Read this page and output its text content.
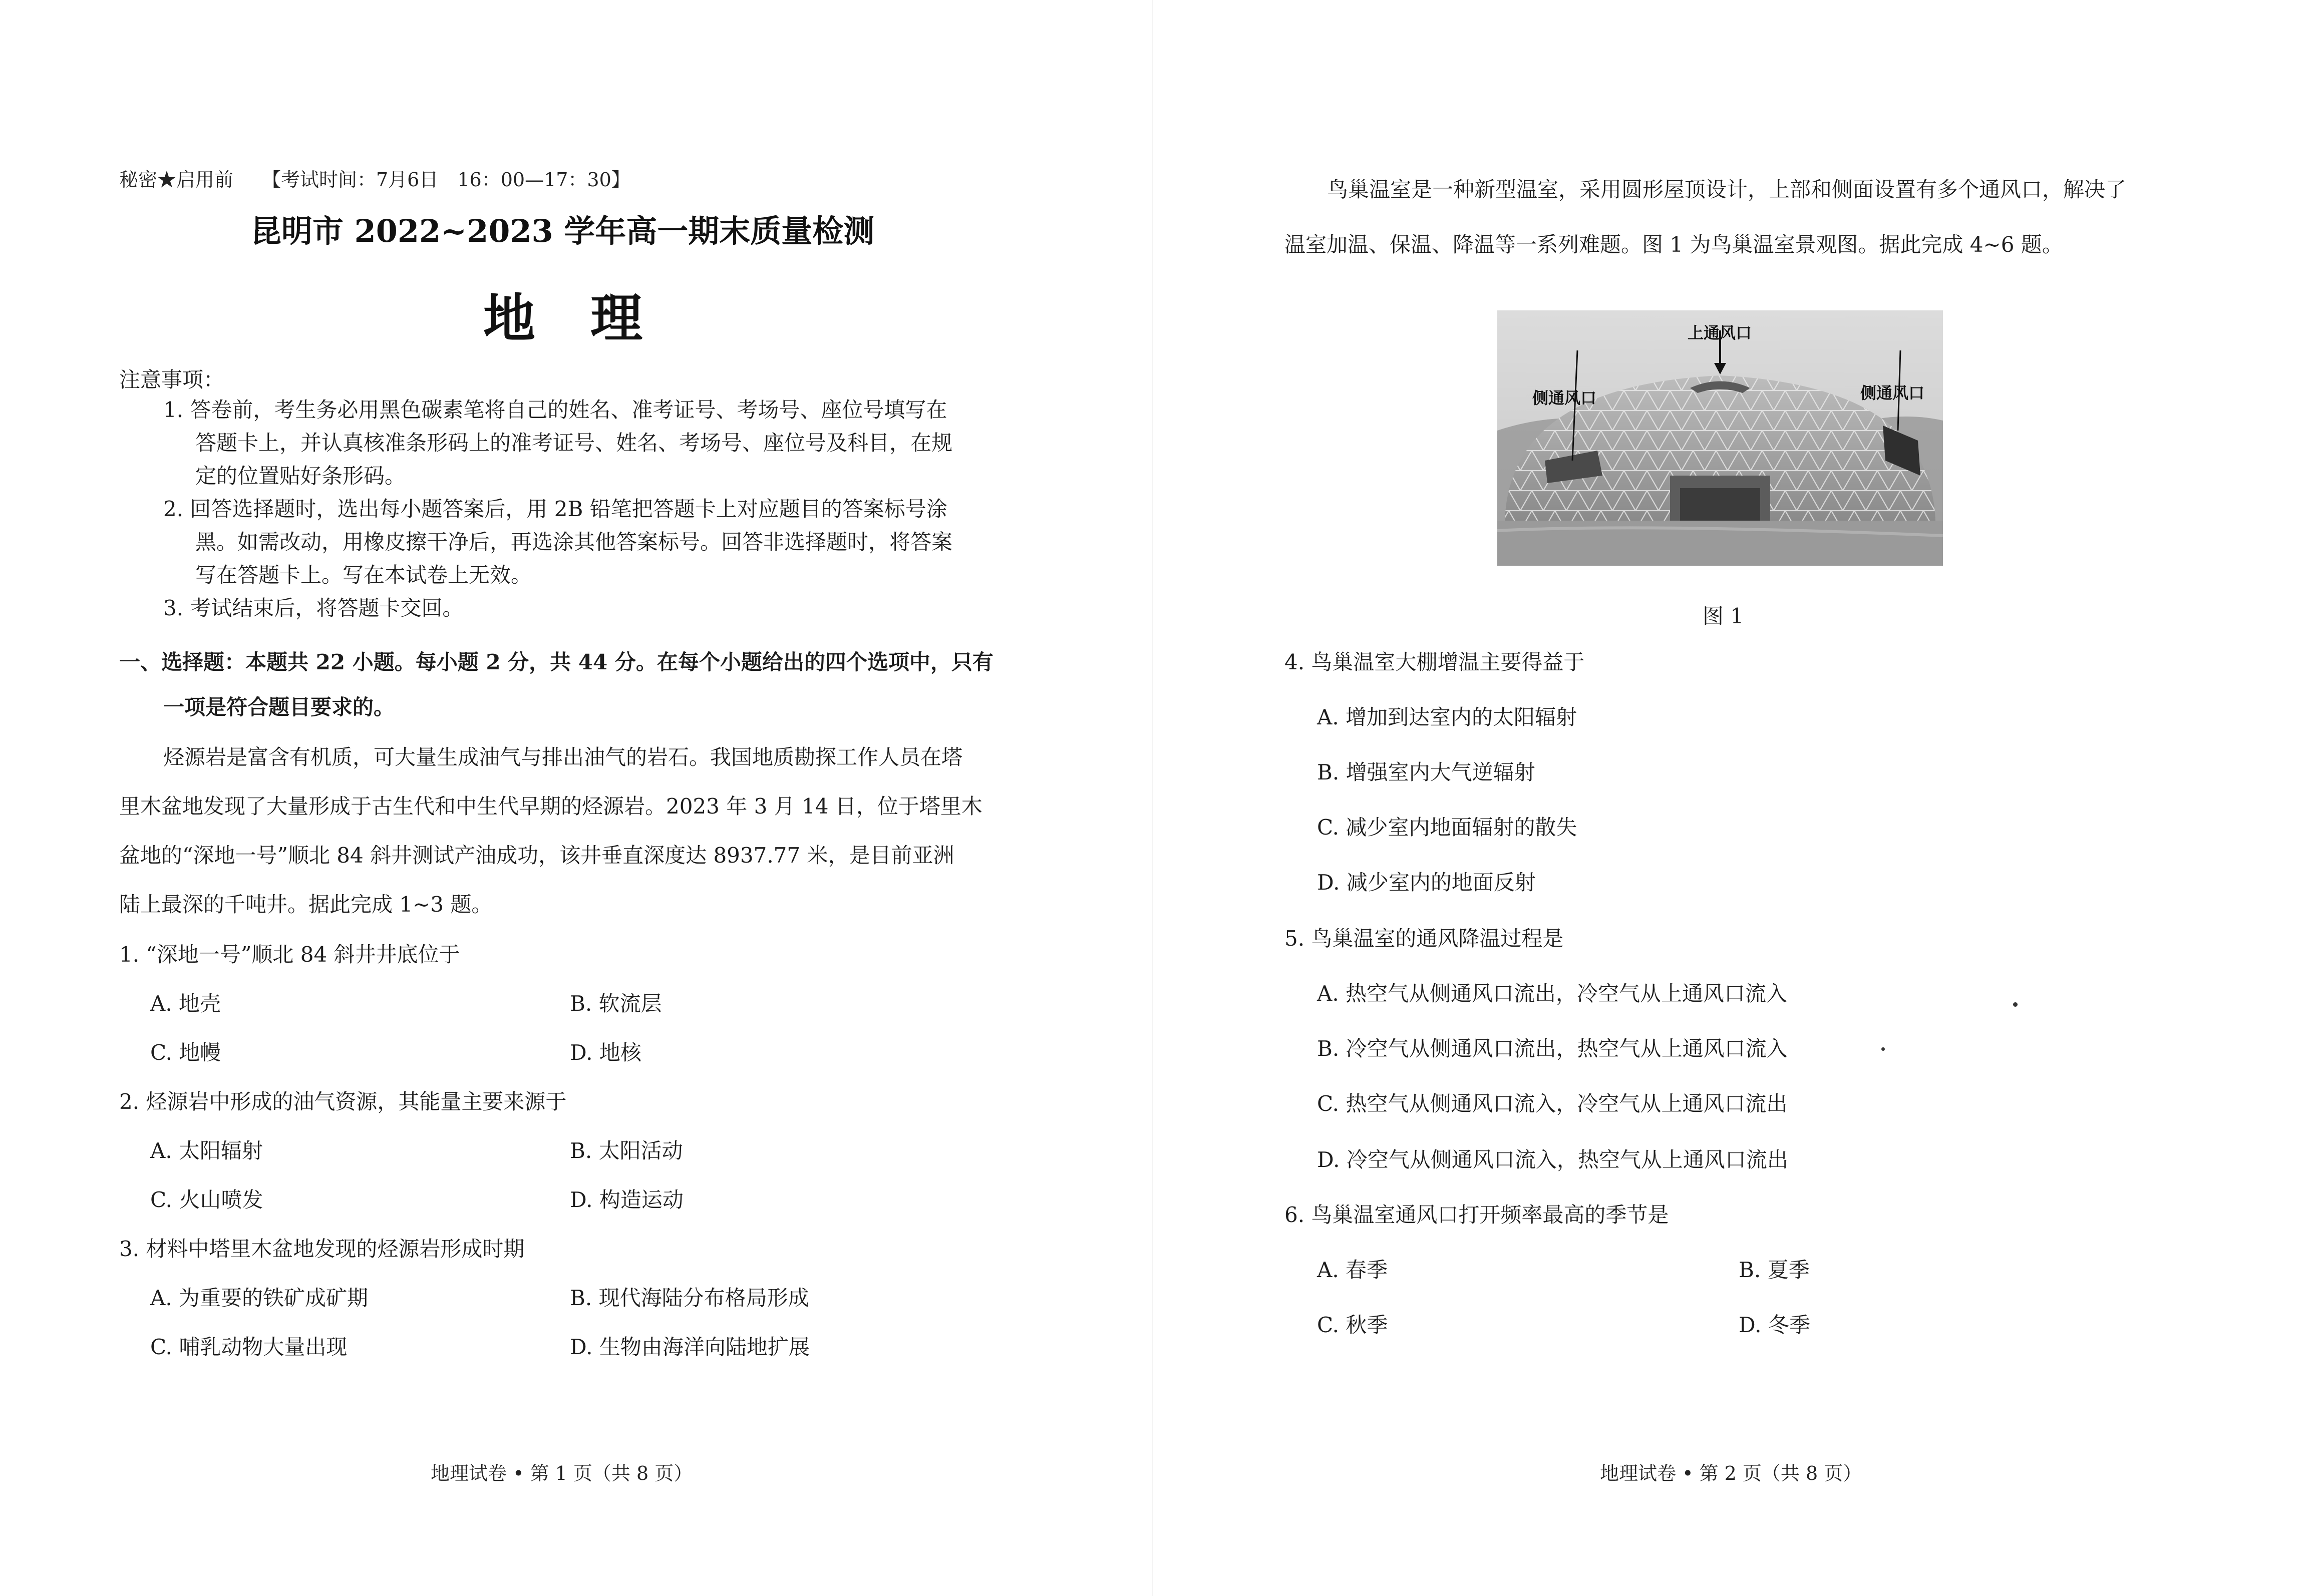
秘密★启用前　　【考试时间：7月6日　16：00—17：30】
昆明市 2022~2023 学年高一期末质量检测
地理
注意事项：
1. 答卷前，考生务必用黑色碳素笔将自己的姓名、准考证号、考场号、座位号填写在
答题卡上，并认真核准条形码上的准考证号、姓名、考场号、座位号及科目，在规
定的位置贴好条形码。
2. 回答选择题时，选出每小题答案后，用 2B 铅笔把答题卡上对应题目的答案标号涂
黑。如需改动，用橡皮擦干净后，再选涂其他答案标号。回答非选择题时，将答案
写在答题卡上。写在本试卷上无效。
3. 考试结束后，将答题卡交回。
一、选择题：本题共 22 小题。每小题 2 分，共 44 分。在每个小题给出的四个选项中，只有
一项是符合题目要求的。
烃源岩是富含有机质，可大量生成油气与排出油气的岩石。我国地质勘探工作人员在塔
里木盆地发现了大量形成于古生代和中生代早期的烃源岩。2023 年 3 月 14 日，位于塔里木
盆地的“深地一号”顺北 84 斜井测试产油成功，该井垂直深度达 8937.77 米，是目前亚洲
陆上最深的千吨井。据此完成 1~3 题。
1. “深地一号”顺北 84 斜井井底位于
A. 地壳	B. 软流层
C. 地幔	D. 地核
2. 烃源岩中形成的油气资源，其能量主要来源于
A. 太阳辐射	B. 太阳活动
C. 火山喷发	D. 构造运动
3. 材料中塔里木盆地发现的烃源岩形成时期
A. 为重要的铁矿成矿期	B. 现代海陆分布格局形成
C. 哺乳动物大量出现	D. 生物由海洋向陆地扩展
地理试卷 • 第 1 页（共 8 页）
鸟巢温室是一种新型温室，采用圆形屋顶设计，上部和侧面设置有多个通风口，解决了
温室加温、保温、降温等一系列难题。图 1 为鸟巢温室景观图。据此完成 4~6 题。
上通风口
侧通风口	侧通风口
图 1
4. 鸟巢温室大棚增温主要得益于
A. 增加到达室内的太阳辐射
B. 增强室内大气逆辐射
C. 减少室内地面辐射的散失
D. 减少室内的地面反射
5. 鸟巢温室的通风降温过程是
A. 热空气从侧通风口流出，冷空气从上通风口流入
B. 冷空气从侧通风口流出，热空气从上通风口流入
C. 热空气从侧通风口流入，冷空气从上通风口流出
D. 冷空气从侧通风口流入，热空气从上通风口流出
6. 鸟巢温室通风口打开频率最高的季节是
A. 春季	B. 夏季
C. 秋季	D. 冬季
地理试卷 • 第 2 页（共 8 页）
